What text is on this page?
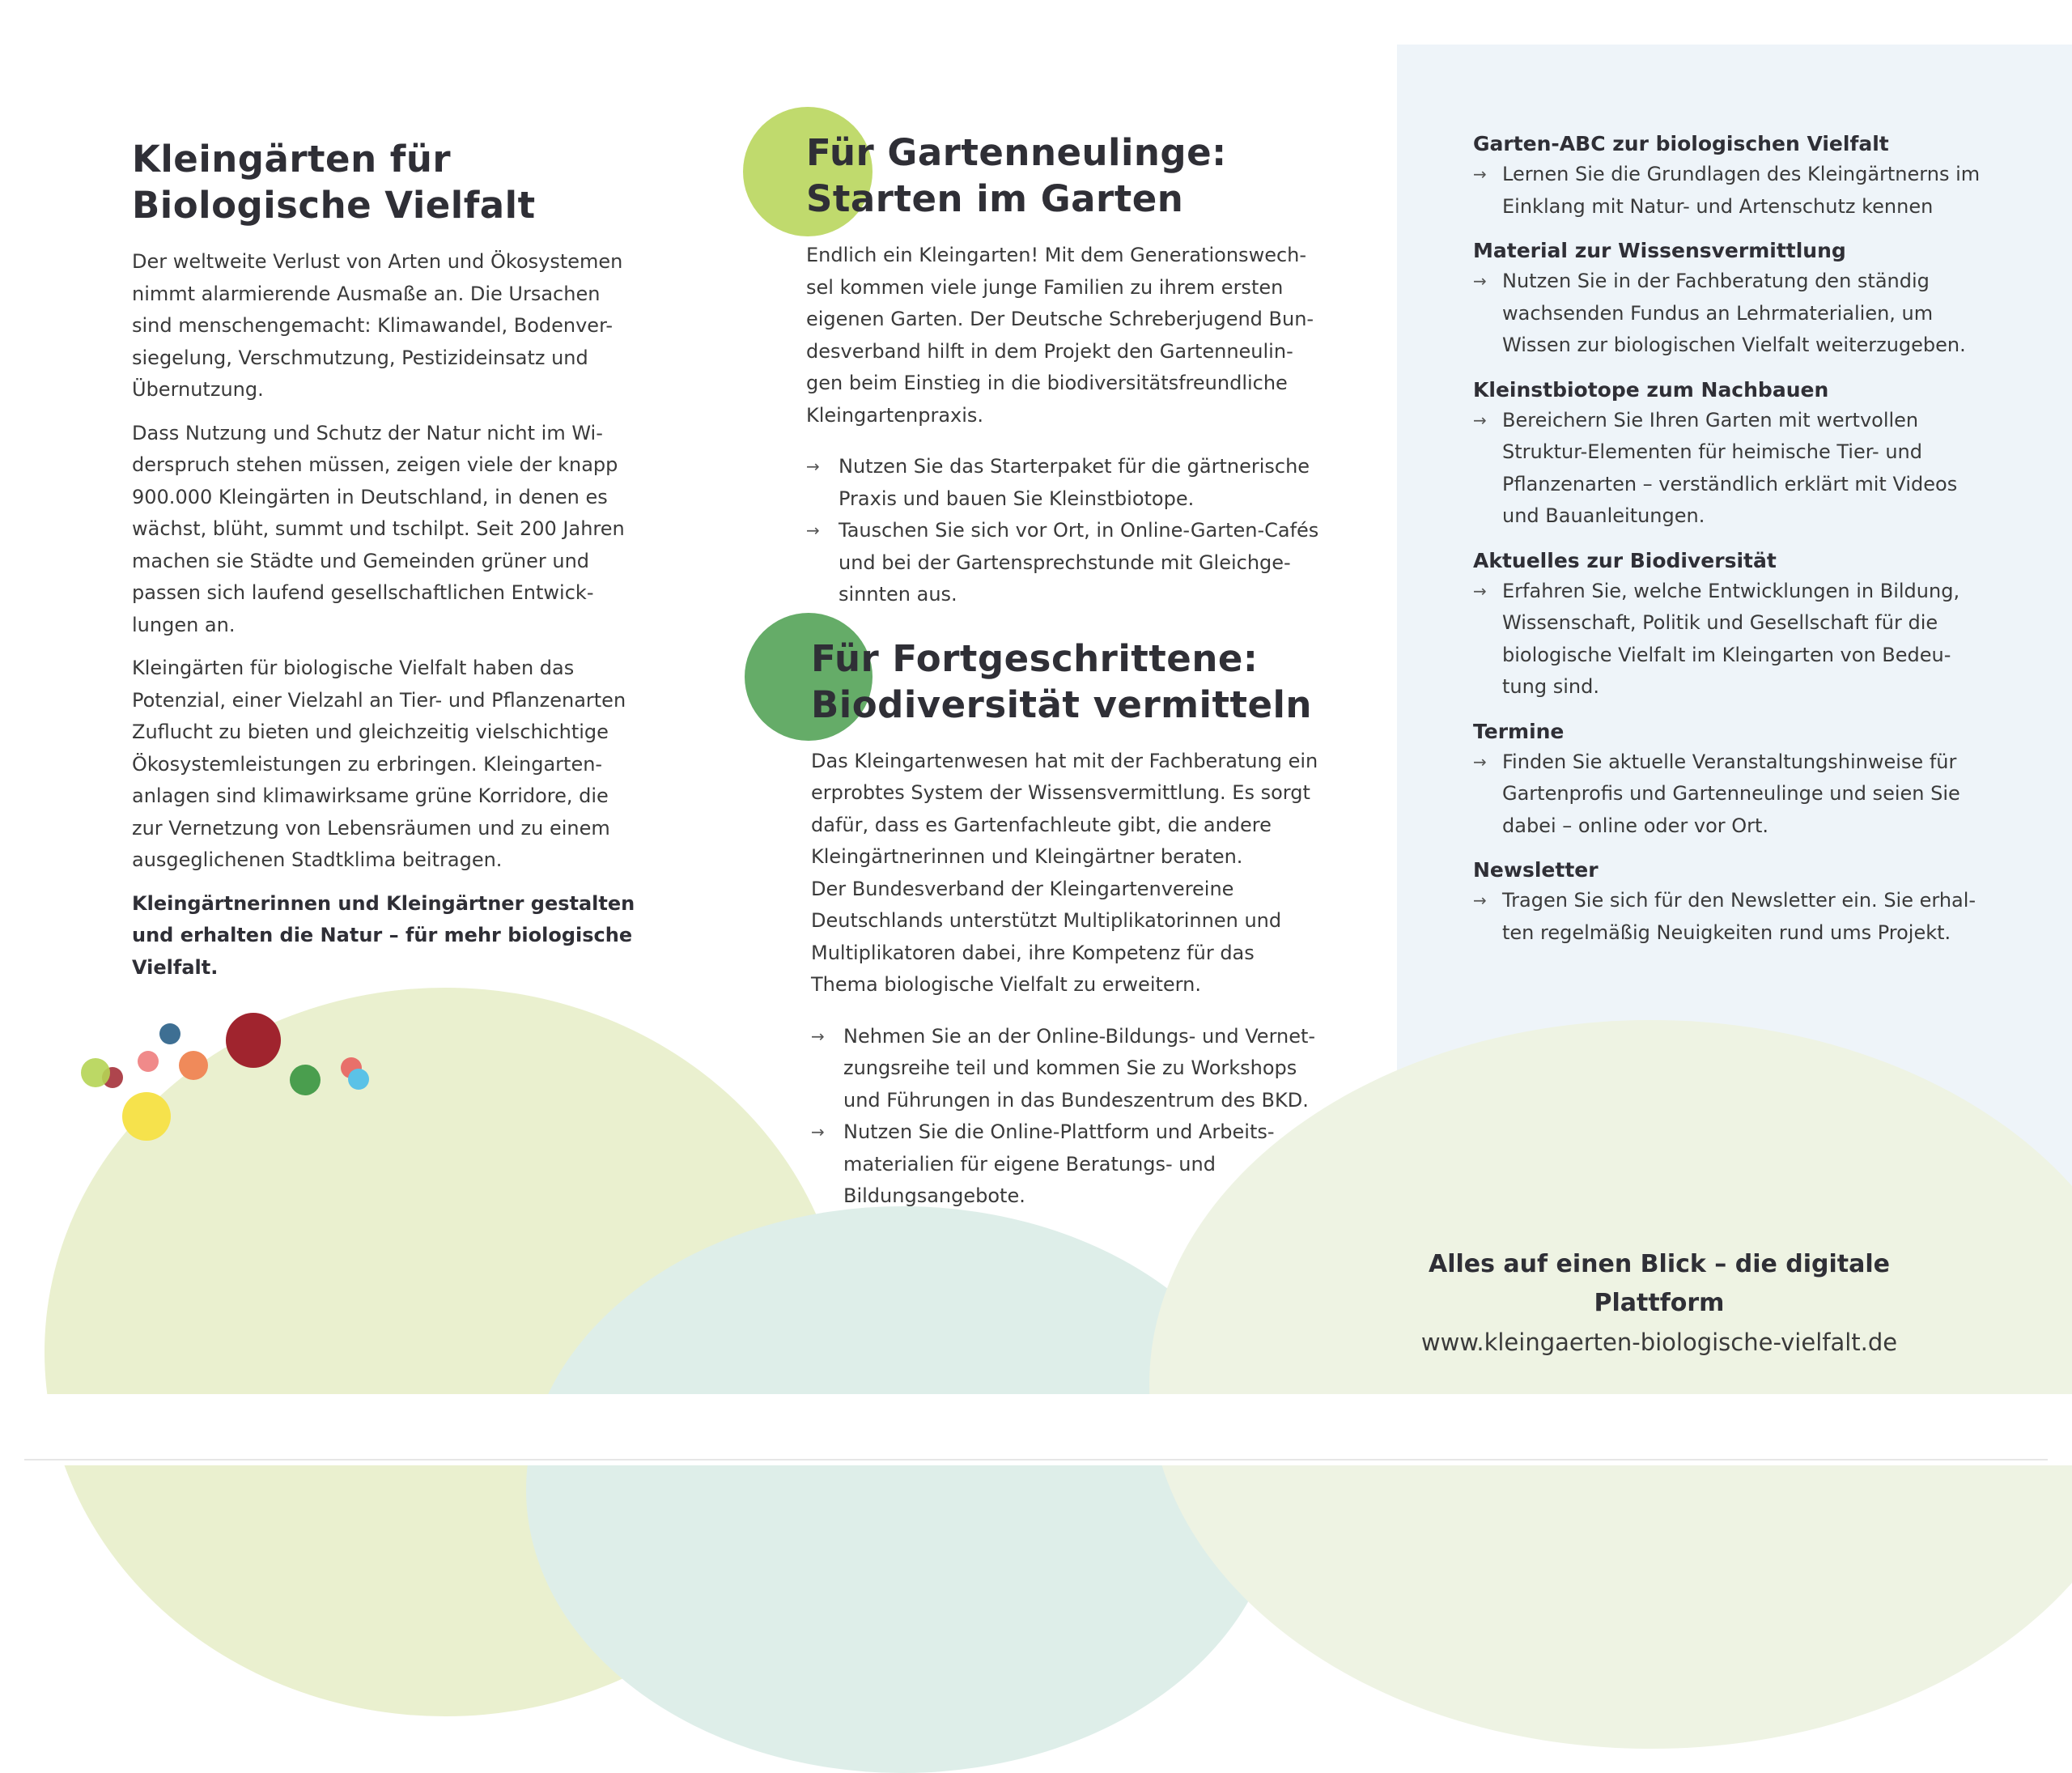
Kleingärten für
Biologische Vielfalt

Der weltweite Verlust von Arten und Ökosystemen
nimmt alarmierende Ausmaße an. Die Ursachen
sind menschengemacht: Klimawandel, Bodenver-
siegelung, Verschmutzung, Pestizideinsatz und
Übernutzung.

Dass Nutzung und Schutz der Natur nicht im Wi-
derspruch stehen müssen, zeigen viele der knapp
900.000 Kleingärten in Deutschland, in denen es
wächst, blüht, summt und tschilpt. Seit 200 Jahren
machen sie Städte und Gemeinden grüner und
passen sich laufend gesellschaftlichen Entwick-
lungen an.

Kleingärten für biologische Vielfalt haben das
Potenzial, einer Vielzahl an Tier- und Pflanzenarten
Zuflucht zu bieten und gleichzeitig vielschichtige
Ökosystemleistungen zu erbringen. Kleingarten-
anlagen sind klimawirksame grüne Korridore, die
zur Vernetzung von Lebensräumen und zu einem
ausgeglichenen Stadtklima beitragen.

Kleingärtnerinnen und Kleingärtner gestalten
und erhalten die Natur – für mehr biologische
Vielfalt.

Für Gartenneulinge:
Starten im Garten

Endlich ein Kleingarten! Mit dem Generationswech-
sel kommen viele junge Familien zu ihrem ersten
eigenen Garten. Der Deutsche Schreberjugend Bun-
desverband hilft in dem Projekt den Gartenneulin-
gen beim Einstieg in die biodiversitätsfreundliche
Kleingartenpraxis.

→ Nutzen Sie das Starterpaket für die gärtnerische
Praxis und bauen Sie Kleinstbiotope.
→ Tauschen Sie sich vor Ort, in Online-Garten-Cafés
und bei der Gartensprechstunde mit Gleichge-
sinnten aus.
Für Fortgeschrittene:
Biodiversität vermitteln

Das Kleingartenwesen hat mit der Fachberatung ein
erprobtes System der Wissensvermittlung. Es sorgt
dafür, dass es Gartenfachleute gibt, die andere
Kleingärtnerinnen und Kleingärtner beraten.

Der Bundesverband der Kleingartenvereine
Deutschlands unterstützt Multiplikatorinnen und
Multiplikatoren dabei, ihre Kompetenz für das
Thema biologische Vielfalt zu erweitern.

→ Nehmen Sie an der Online-Bildungs- und Vernet-
zungsreihe teil und kommen Sie zu Workshops
und Führungen in das Bundeszentrum des BKD.
→ Nutzen Sie die Online-Plattform und Arbeits-
materialien für eigene Beratungs- und
Bildungsangebote.
Garten-ABC zur biologischen Vielfalt
→ Lernen Sie die Grundlagen des Kleingärtnerns im
Einklang mit Natur- und Artenschutz kennen
Material zur Wissensvermittlung
→ Nutzen Sie in der Fachberatung den ständig
wachsenden Fundus an Lehrmaterialien, um
Wissen zur biologischen Vielfalt weiterzugeben.
Kleinstbiotope zum Nachbauen
→ Bereichern Sie Ihren Garten mit wertvollen
Struktur-Elementen für heimische Tier- und
Pflanzenarten – verständlich erklärt mit Videos
und Bauanleitungen.
Aktuelles zur Biodiversität
→ Erfahren Sie, welche Entwicklungen in Bildung,
Wissenschaft, Politik und Gesellschaft für die
biologische Vielfalt im Kleingarten von Bedeu-
tung sind.
Termine
→ Finden Sie aktuelle Veranstaltungshinweise für
Gartenprofis und Gartenneulinge und seien Sie
dabei – online oder vor Ort.
Newsletter
→ Tragen Sie sich für den Newsletter ein. Sie erhal-
ten regelmäßig Neuigkeiten rund ums Projekt.
Alles auf einen Blick – die digitale Plattform
www.kleingaerten-biologische-vielfalt.de
